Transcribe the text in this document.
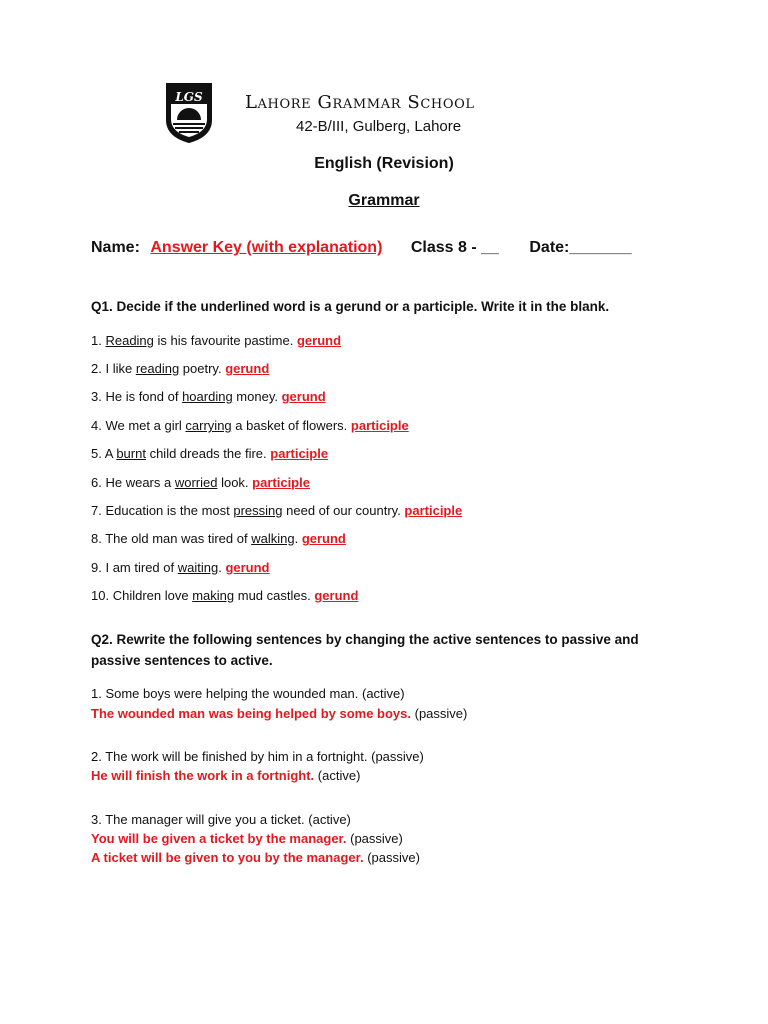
LGS Lahore Grammar School
42-B/III, Gulberg, Lahore
English (Revision)
Grammar
Name: Answer Key (with explanation) Class 8 - __ Date:_______
Q1. Decide if the underlined word is a gerund or a participle. Write it in the blank.
1. Reading is his favourite pastime. gerund
2. I like reading poetry. gerund
3. He is fond of hoarding money. gerund
4. We met a girl carrying a basket of flowers. participle
5. A burnt child dreads the fire. participle
6. He wears a worried look. participle
7. Education is the most pressing need of our country. participle
8. The old man was tired of walking. gerund
9. I am tired of waiting. gerund
10. Children love making mud castles. gerund
Q2. Rewrite the following sentences by changing the active sentences to passive and passive sentences to active.
1. Some boys were helping the wounded man. (active)
The wounded man was being helped by some boys. (passive)
2. The work will be finished by him in a fortnight. (passive)
He will finish the work in a fortnight. (active)
3. The manager will give you a ticket. (active)
You will be given a ticket by the manager. (passive)
A ticket will be given to you by the manager. (passive)
